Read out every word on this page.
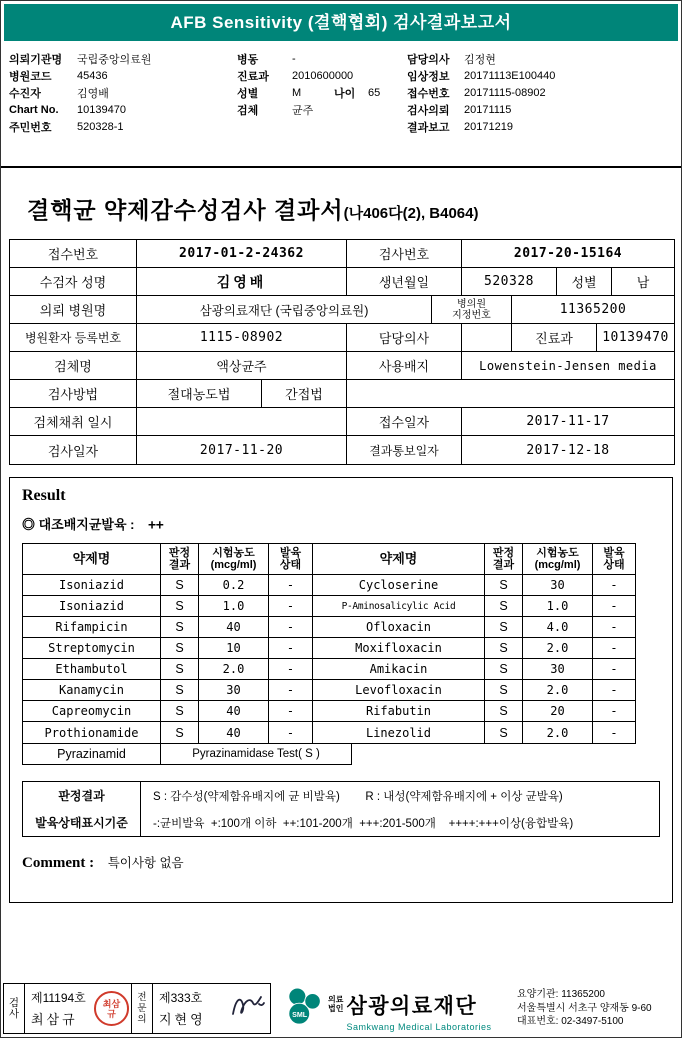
AFB Sensitivity (결핵협회) 검사결과보고서
의뢰기관명	국립중앙의료원
병원코드	45436
수진자	김영배
Chart No.	10139470
주민번호	520328-1
병동	-
진료과	2010600000
성별	M	나이	65
검체	균주
담당의사	김정현
임상정보	20171113E100440
접수번호	20171115-08902
검사의뢰	20171115
결과보고	20171219
결핵균 약제감수성검사 결과서(나406다(2), B4064)
접수번호	2017-01-2-24362	검사번호	2017-20-15164
수검자 성명	김영배	생년월일	520328	성별	남
의뢰 병원명	삼광의료재단 (국립중앙의료원)	병의원
지정번호	11365200
병원환자 등록번호	1115-08902	담당의사	진료과	10139470
검체명	액상균주	사용배지	Lowenstein-Jensen media
검사방법	절대농도법	간접법
검체채취 일시	접수일자	2017-11-17
검사일자	2017-11-20	결과통보일자	2017-12-18
Result
◎ 대조배지균발육 : ++
약제명	판정
결과
시험농도
(mcg/ml)
발육
상태	약제명	판정
결과
시험농도
(mcg/ml)
발육
상태
Isoniazid	S	0.2	-	Cycloserine	S	30	-
Isoniazid	S	1.0	-	P-Aminosalicylic Acid	S	1.0	-
Rifampicin	S	40	-	Ofloxacin	S	4.0	-
Streptomycin	S	10	-	Moxifloxacin	S	2.0	-
Ethambutol	S	2.0	-	Amikacin	S	30	-
Kanamycin	S	30	-	Levofloxacin	S	2.0	-
Capreomycin	S	40	-	Rifabutin	S	20	-
Prothionamide	S	40	-	Linezolid	S	2.0	-
Pyrazinamid	Pyrazinamidase Test( S )
판정결과	S : 감수성(약제함유배지에 균 비발육)        R : 내성(약제함유배지에 + 이상 균발육)
발육상태표시기준	-:균비발육  +:100개 이하  ++:101-200개  +++:201-500개    ++++:+++이상(융합발육)
Comment : 특이사항 없음
검사
제11194호
최삼규
최삼규
전문의
제333호
지현영	SML
의료
법인 삼광의료재단
Samkwang Medical Laboratories
요양기관: 11365200
서울특별시 서초구 양재동 9-60
대표번호: 02-3497-5100
